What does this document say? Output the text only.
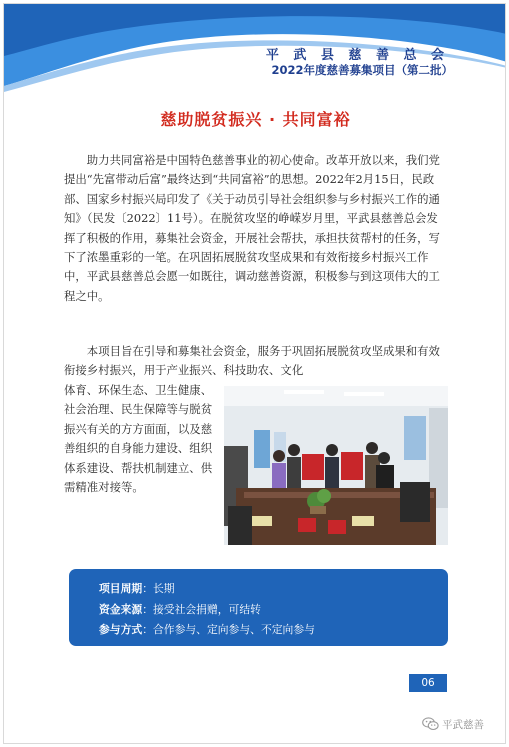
平 武 县 慈 善 总 会
2022年度慈善募集项目（第二批）
慈助脱贫振兴 · 共同富裕
助力共同富裕是中国特色慈善事业的初心使命。改革开放以来，我们党提出“先富带动后富”最终达到“共同富裕”的思想。2022年2月15日，民政部、国家乡村振兴局印发了《关于动员引导社会组织参与乡村振兴工作的通知》（民发〔2022〕11号）。在脱贫攻坚的峥嵘岁月里，平武县慈善总会发挥了积极的作用，募集社会资金，开展社会帮扶，承担扶贫帮村的任务，写下了浓墨重彩的一笔。在巩固拓展脱贫攻坚成果和有效衔接乡村振兴工作中，平武县慈善总会愿一如既往，调动慈善资源，积极参与到这项伟大的工程之中。
本项目旨在引导和募集社会资金，服务于巩固拓展脱贫攻坚成果和有效衔接乡村振兴，用于产业振兴、科技助农、文化
体育、环保生态、卫生健康、社会治理、民生保障等与脱贫振兴有关的方方面面，以及慈善组织的自身能力建设、组织体系建设、帮扶机制建立、供需精准对接等。
项目周期：长期
资金来源：接受社会捐赠，可结转
参与方式：合作参与、定向参与、不定向参与
06
平武慈善
